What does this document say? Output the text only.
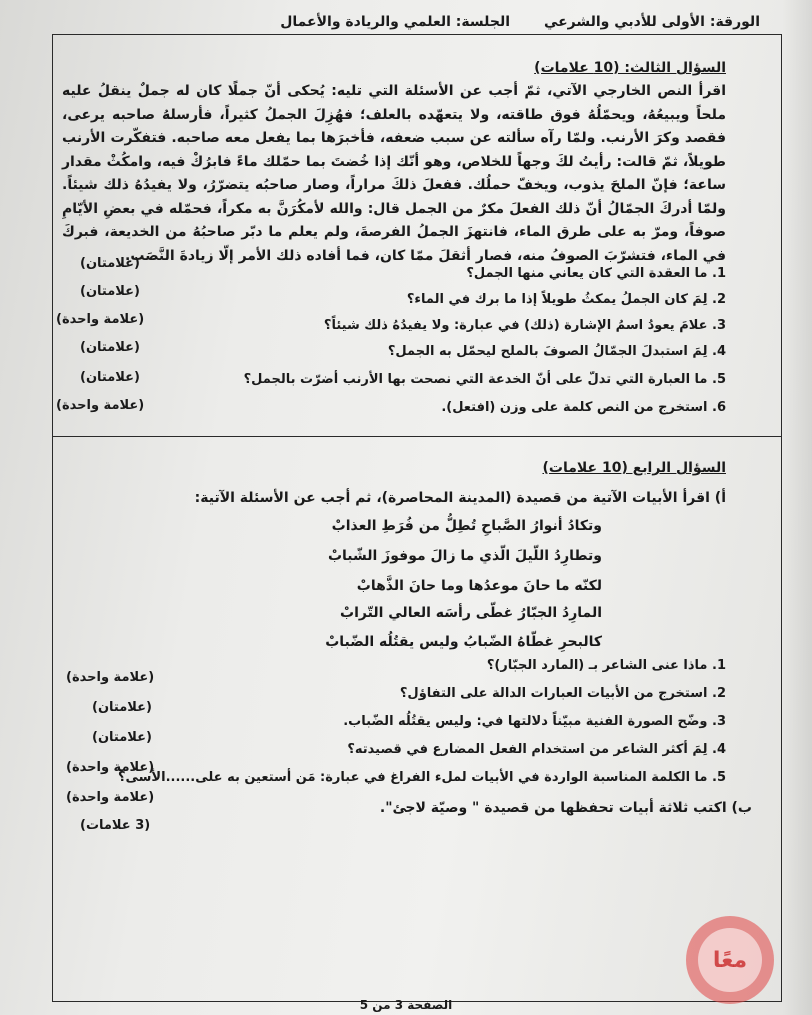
الورقة: الأولى للأدبي والشرعي
الجلسة: العلمي والريادة والأعمال
السؤال الثالث: (10 علامات)
اقرأ النص الخارجي الآتي، ثمّ أجب عن الأسئلة التي تليه: يُحكى أنّ جملًا كان له جملٌ ينقلُ عليه ملحاً ويبيعُهُ، ويحمّلُهُ فوق طاقته، ولا يتعهّده بالعلف؛ فهُزِلَ الجملُ كثيراً، فأرسلهُ صاحبه يرعى، فقصد وكرَ الأرنب. ولمّا رآه سألته عن سبب ضعفه، فأخبرَها بما يفعل معه صاحبه. فتفكّرت الأرنب طويلاً، ثمّ قالت: رأيتُ لكَ وجهاً للخلاص، وهو أنّك إذا خُضتَ بما حمّلك ماءً فابرُكْ فيه، وامكُثْ مقدار ساعة؛ فإنّ الملحَ يذوب، ويخفّ حملُك. ففعلَ ذلكَ مراراً، وصار صاحبُه يتضرّرُ، ولا يفيدُهُ ذلك شيئاً. ولمّا أدركَ الجمّالُ أنّ ذلك الفعلَ مكرٌ من الجمل قال: والله لأمكُرَنَّ به مكراً، فحمّله في بعضِ الأيّامِ صوفاً، ومرّ به على طرق الماء، فانتهزَ الجملُ الفرصةَ، ولم يعلم ما دبّر صاحبُهُ من الخديعة، فبركَ في الماء، فتشرّبَ الصوفُ منه، فصار أثقلَ ممّا كان، فما أفاده ذلك الأمر إلّا زيادةَ النَّصَب.
1. ما العقدة التي كان يعاني منها الجمل؟
(علامتان)
2. لِمَ كان الجملُ يمكثُ طويلاً إذا ما برك في الماء؟
(علامتان)
3. علامَ يعودُ اسمُ الإشارة (ذلك) في عبارة: ولا يفيدُهُ ذلك شيئاً؟
(علامة واحدة)
4. لِمَ استبدلَ الجمّالُ الصوفَ بالملح ليحمّل به الجمل؟
(علامتان)
5. ما العبارة التي تدلّ على أنّ الخدعة التي نصحت بها الأرنب أضرّت بالجمل؟
(علامتان)
6. استخرج من النص كلمة على وزن (افتعل).
(علامة واحدة)
السؤال الرابع (10 علامات)
أ) اقرأ الأبيات الآتية من قصيدة (المدينة المحاصرة)، ثم أجب عن الأسئلة الآتية:
وتكادُ أنوارُ الصَّباحِ تُطِلُّ من فُرَطِ العذابْ
وتطارِدُ اللّيلَ الّذي ما زالَ موفوزَ الشّبابْ
لكنّه ما حانَ موعدُها وما حانَ الذَّهابْ
المارِدُ الجبّارُ غطّى رأسَه العالي التّرابْ
كالبحرِ غطّاهُ الضّبابُ وليس يقتُلُه الضّبابْ
1. ماذا عنى الشاعر بـ (المارد الجبّار)؟
(علامة واحدة)
2. استخرج من الأبيات العبارات الدالة على التفاؤل؟
(علامتان)
3. وضّح الصورة الفنية مبيّناً دلالتها في: وليس يقتُلُه الضّباب.
(علامتان)
4. لِمَ أكثر الشاعر من استخدام الفعل المضارع في قصيدته؟
(علامة واحدة)
5. ما الكلمة المناسبة الواردة في الأبيات لملء الفراغ في عبارة: مَن أستعين به على......الأسى؟
(علامة واحدة)
ب) اكتب ثلاثة أبيات تحفظها من قصيدة " وصيّة لاجئ".
(3 علامات)
معًا
الصفحة 3 من 5
